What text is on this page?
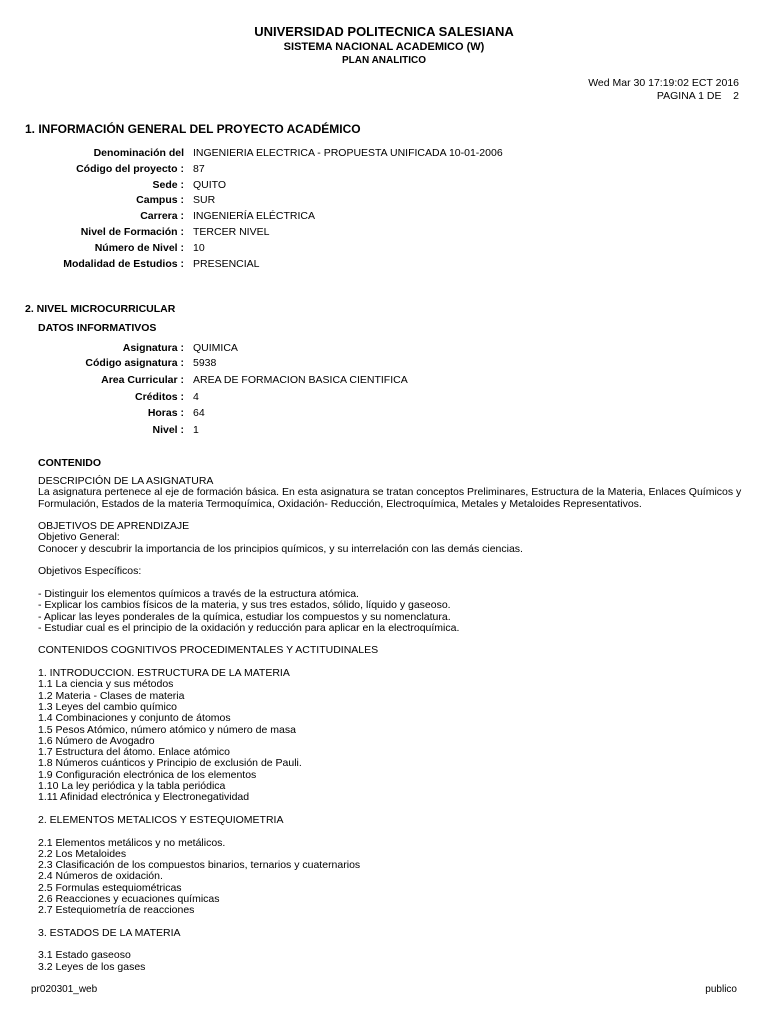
UNIVERSIDAD POLITECNICA SALESIANA
SISTEMA NACIONAL ACADEMICO (W)
PLAN ANALITICO
Wed Mar 30 17:19:02 ECT 2016
PAGINA 1 DE    2
1. INFORMACIÓN GENERAL DEL PROYECTO ACADÉMICO
Denominación del INGENIERIA ELECTRICA - PROPUESTA UNIFICADA 10-01-2006
Código del proyecto : 87
Sede : QUITO
Campus : SUR
Carrera : INGENIERÍA ELÉCTRICA
Nivel de Formación : TERCER NIVEL
Número de Nivel : 10
Modalidad de Estudios : PRESENCIAL
2. NIVEL MICROCURRICULAR
DATOS INFORMATIVOS
Asignatura : QUIMICA
Código asignatura : 5938
Area Curricular : AREA DE FORMACION BASICA CIENTIFICA
Créditos : 4
Horas : 64
Nivel : 1
CONTENIDO
DESCRIPCIÓN DE LA ASIGNATURA
La asignatura pertenece al eje de formación básica. En esta asignatura se tratan conceptos Preliminares, Estructura de la Materia, Enlaces Químicos y
Formulación, Estados de la materia Termoquímica, Oxidación- Reducción, Electroquímica, Metales y Metaloides Representativos.
OBJETIVOS DE APRENDIZAJE
Objetivo General:
Conocer y descubrir la importancia de los principios químicos, y su interrelación con las demás ciencias.
Objetivos Específicos:
- Distinguir los elementos químicos a través de la estructura atómica.
- Explicar los cambios físicos de la materia, y sus tres estados, sólido, líquido y gaseoso.
- Aplicar las leyes ponderales de la química, estudiar los compuestos y su nomenclatura.
- Estudiar cual es el principio de la oxidación y reducción para aplicar en la electroquímica.
CONTENIDOS COGNITIVOS PROCEDIMENTALES Y ACTITUDINALES
1. INTRODUCCION. ESTRUCTURA DE LA MATERIA
1.1 La ciencia y sus métodos
1.2 Materia - Clases de materia
1.3 Leyes del cambio químico
1.4 Combinaciones y conjunto de átomos
1.5 Pesos Atómico, número atómico y número de masa
1.6 Número de Avogadro
1.7 Estructura del átomo. Enlace atómico
1.8 Números cuánticos y Principio de exclusión de Pauli.
1.9 Configuración electrónica de los elementos
1.10 La ley periódica y la tabla periódica
1.11 Afinidad electrónica y Electronegatividad
2. ELEMENTOS METALICOS Y ESTEQUIOMETRIA
2.1 Elementos metálicos y no metálicos.
2.2 Los Metaloides
2.3 Clasificación de los compuestos binarios, ternarios y cuaternarios
2.4 Números de oxidación.
2.5 Formulas estequiométricas
2.6 Reacciones y ecuaciones químicas
2.7 Estequiometría de reacciones
3. ESTADOS DE LA MATERIA
3.1 Estado gaseoso
3.2 Leyes de los gases
pr020301_web	publico
